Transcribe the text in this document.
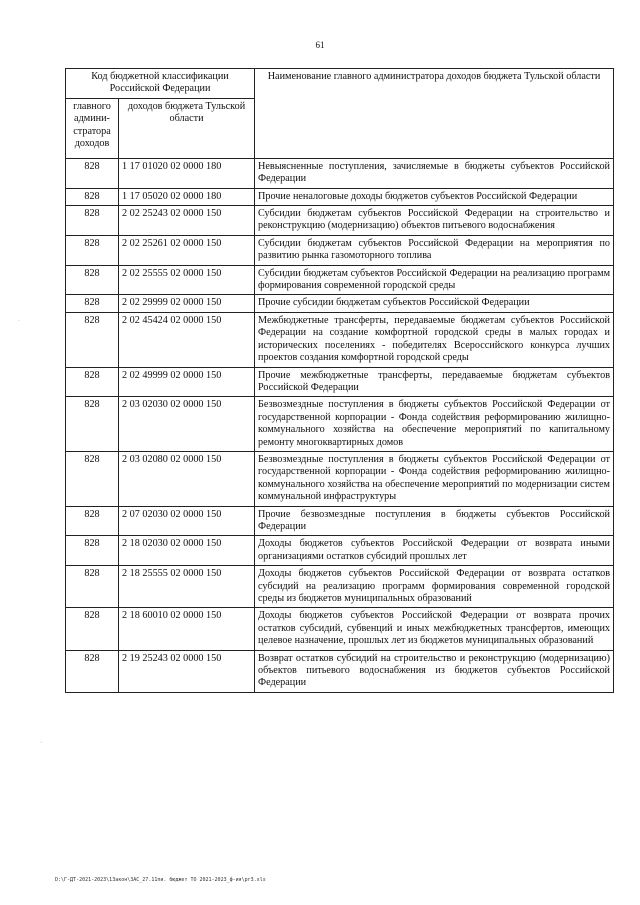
61
Код бюджетной классификации Российской Федерации		Наименование главного администратора доходов бюджета Тульской области
главного админи- стратора доходов	доходов бюджета Тульской области	
828	1 17 01020 02 0000 180	Невыясненные поступления, зачисляемые в бюджеты субъектов Российской Федерации
828	1 17 05020 02 0000 180	Прочие неналоговые доходы бюджетов субъектов Российской Федерации
828	2 02 25243 02 0000 150	Субсидии бюджетам субъектов Российской Федерации на строительство и реконструкцию (модернизацию) объектов питьевого водоснабжения
828	2 02 25261 02 0000 150	Субсидии бюджетам субъектов Российской Федерации на мероприятия по развитию рынка газомоторного топлива
828	2 02 25555 02 0000 150	Субсидии бюджетам субъектов Российской Федерации на реализацию программ формирования современной городской среды
828	2 02 29999 02 0000 150	Прочие субсидии бюджетам субъектов Российской Федерации
828	2 02 45424 02 0000 150	Межбюджетные трансферты, передаваемые бюджетам субъектов Российской Федерации на создание комфортной городской среды в малых городах и исторических поселениях - победителях Всероссийского конкурса лучших проектов создания комфортной городской среды
828	2 02 49999 02 0000 150	Прочие межбюджетные трансферты, передаваемые бюджетам субъектов Российской Федерации
828	2 03 02030 02 0000 150	Безвозмездные поступления в бюджеты субъектов Российской Федерации от государственной корпорации - Фонда содействия реформированию жилищно-коммунального хозяйства на обеспечение мероприятий по капитальному ремонту многоквартирных домов
828	2 03 02080 02 0000 150	Безвозмездные поступления в бюджеты субъектов Российской Федерации от государственной корпорации - Фонда содействия реформированию жилищно-коммунального хозяйства на обеспечение мероприятий по модернизации систем коммунальной инфраструктуры
828	2 07 02030 02 0000 150	Прочие безвозмездные поступления в бюджеты субъектов Российской Федерации
828	2 18 02030 02 0000 150	Доходы бюджетов субъектов Российской Федерации от возврата иными организациями остатков субсидий прошлых лет
828	2 18 25555 02 0000 150	Доходы бюджетов субъектов Российской Федерации от возврата остатков субсидий на реализацию программ формирования современной городской среды из бюджетов муниципальных образований
828	2 18 60010 02 0000 150	Доходы бюджетов субъектов Российской Федерации от возврата прочих остатков субсидий, субвенций и иных межбюджетных трансфертов, имеющих целевое назначение, прошлых лет из бюджетов муниципальных образований
828	2 19 25243 02 0000 150	Возврат остатков субсидий на строительство и реконструкцию (модернизацию) объектов питьевого водоснабжения из бюджетов субъектов Российской Федерации
·
·
D:\Г-ДТ-2021-2023\1Закон\ЗАС_27.11пи. бюджет ТО 2021-2023_ф-ия\pr3.xls
